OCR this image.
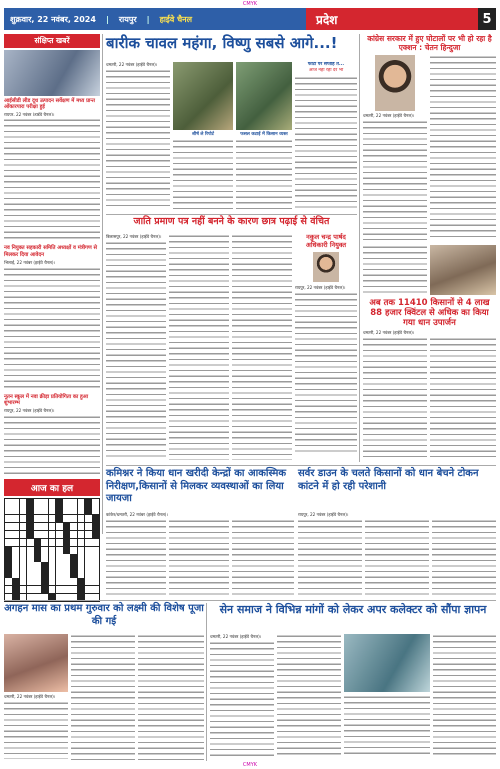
CMYK
शुक्रवार, 22 नवंबर, 2024 | रायपुर | हाईवे चैनल	प्रदेश	5
संक्षिप्त खबरें
आईसीडी लीड दूध उत्पादन सर्वेक्षण में मध्य प्रान्त ओंकारपारा परीक्षा हुई
रायपुर, 22 नवंबर (हाईवे चैनल)।
नव नियुक्त सहकारी समिति अध्यक्षों व मंत्रीगण से मिलकर दिया आवेदन
भिलाई, 22 नवंबर (हाईवे चैनल)।
नूतन स्कूल में नवा क्रीड़ा प्रतियोगिता का हुआ शुभारम्भ
रायपुर, 22 नवंबर (हाईवे चैनल)।
आज का हल
बारीक चावल महंगा, विष्णु सबसे आगे...!
धमतरी, 22 नवंबर (हाईवे चैनल)।
शीर्ष ले रिपोर्ट	फसल कटाई में किसान व्यस्त
फोटो पर सप्ताह ते...
आज नहीं रहा दर भी
जाति प्रमाण पत्र नहीं बनने के कारण छात्र पढ़ाई से वंचित
बिलासपुर, 22 नवंबर (हाईवे चैनल)।	नकुल चन्द्र पार्षद अधिकारी नियुक्त
रायपुर, 22 नवंबर (हाईवे चैनल)।
कांग्रेस सरकार में हुए घोटालों पर भी हो रहा है एक्शन : चेतन हिन्दुजा
धमतरी, 22 नवंबर (हाईवे चैनल)।
अब तक 11410 किसानों से 4 लाख 88 हजार क्विंटल से अधिक का किया गया धान उपार्जन
धमतरी, 22 नवंबर (हाईवे चैनल)।
कमिश्नर ने किया धान खरीदी केन्द्रों का आकस्मिक निरीक्षण,किसानों से मिलकर व्यवस्थाओं का लिया जायजा
सर्वर डाउन के चलते किसानों को धान बेचने टोकन कांटने में हो रही परेशानी
कांकेर/धमतरी, 22 नवंबर (हाईवे चैनल)।	रायपुर, 22 नवंबर (हाईवे चैनल)।
अगहन मास का प्रथम गुरुवार को लक्ष्मी की विशेष पूजा की गई
धमतरी, 22 नवंबर (हाईवे चैनल)।
सेन समाज ने विभिन्न मांगों को लेकर अपर कलेक्टर को सौंपा ज्ञापन
धमतरी, 22 नवंबर (हाईवे चैनल)।
CMYK
